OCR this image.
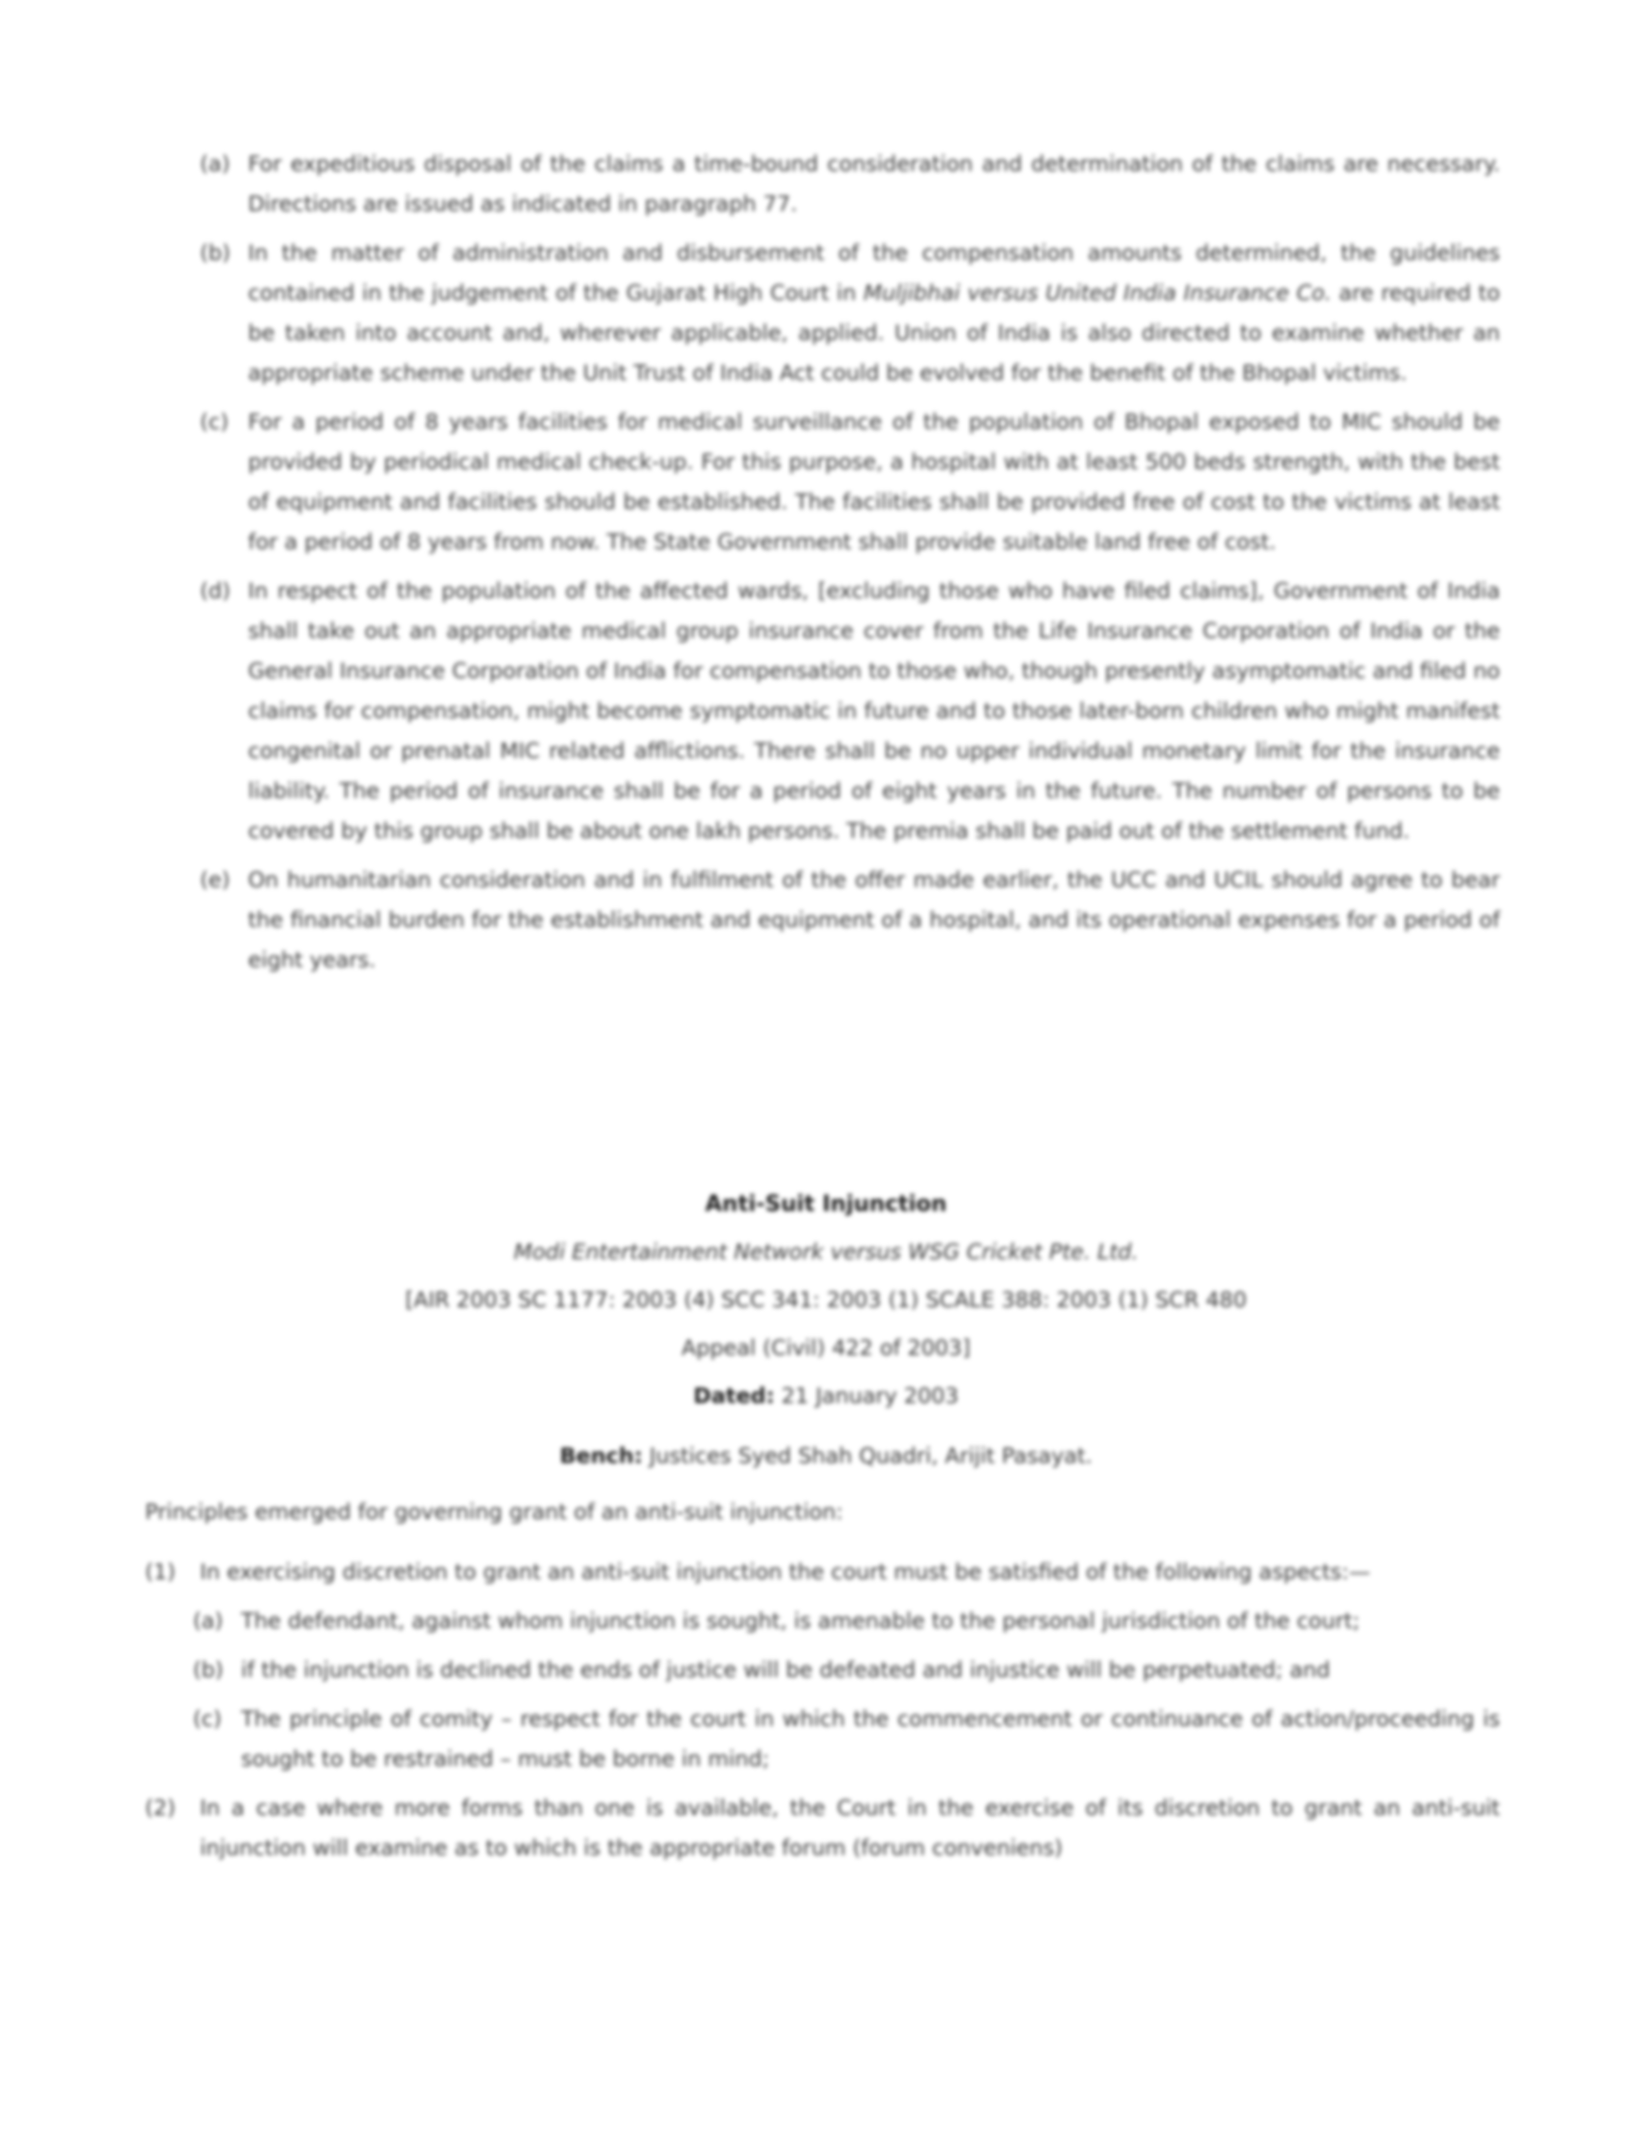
(a) For expeditious disposal of the claims a time-bound consideration and determination of the claims are necessary. Directions are issued as indicated in paragraph 77.
(b) In the matter of administration and disbursement of the compensation amounts determined, the guidelines contained in the judgement of the Gujarat High Court in Muljibhai versus United India Insurance Co. are required to be taken into account and, wherever applicable, applied. Union of India is also directed to examine whether an appropriate scheme under the Unit Trust of India Act could be evolved for the benefit of the Bhopal victims.
(c) For a period of 8 years facilities for medical surveillance of the population of Bhopal exposed to MIC should be provided by periodical medical check-up. For this purpose, a hospital with at least 500 beds strength, with the best of equipment and facilities should be established. The facilities shall be provided free of cost to the victims at least for a period of 8 years from now. The State Government shall provide suitable land free of cost.
(d) In respect of the population of the affected wards, [excluding those who have filed claims], Government of India shall take out an appropriate medical group insurance cover from the Life Insurance Corporation of India or the General Insurance Corporation of India for compensation to those who, though presently asymptomatic and filed no claims for compensation, might become symptomatic in future and to those later-born children who might manifest congenital or prenatal MIC related afflictions. There shall be no upper individual monetary limit for the insurance liability. The period of insurance shall be for a period of eight years in the future. The number of persons to be covered by this group shall be about one lakh persons. The premia shall be paid out of the settlement fund.
(e) On humanitarian consideration and in fulfilment of the offer made earlier, the UCC and UCIL should agree to bear the financial burden for the establishment and equipment of a hospital, and its operational expenses for a period of eight years.
Anti-Suit Injunction
Modi Entertainment Network versus WSG Cricket Pte. Ltd.
[AIR 2003 SC 1177: 2003 (4) SCC 341: 2003 (1) SCALE 388: 2003 (1) SCR 480
Appeal (Civil) 422 of 2003]
Dated: 21 January 2003
Bench: Justices Syed Shah Quadri, Arijit Pasayat.
Principles emerged for governing grant of an anti-suit injunction:
(1) In exercising discretion to grant an anti-suit injunction the court must be satisfied of the following aspects:—
(a) The defendant, against whom injunction is sought, is amenable to the personal jurisdiction of the court;
(b) if the injunction is declined the ends of justice will be defeated and injustice will be perpetuated; and
(c) The principle of comity – respect for the court in which the commencement or continuance of action/proceeding is sought to be restrained – must be borne in mind;
(2) In a case where more forms than one is available, the Court in the exercise of its discretion to grant an anti-suit injunction will examine as to which is the appropriate forum (forum conveniens)
